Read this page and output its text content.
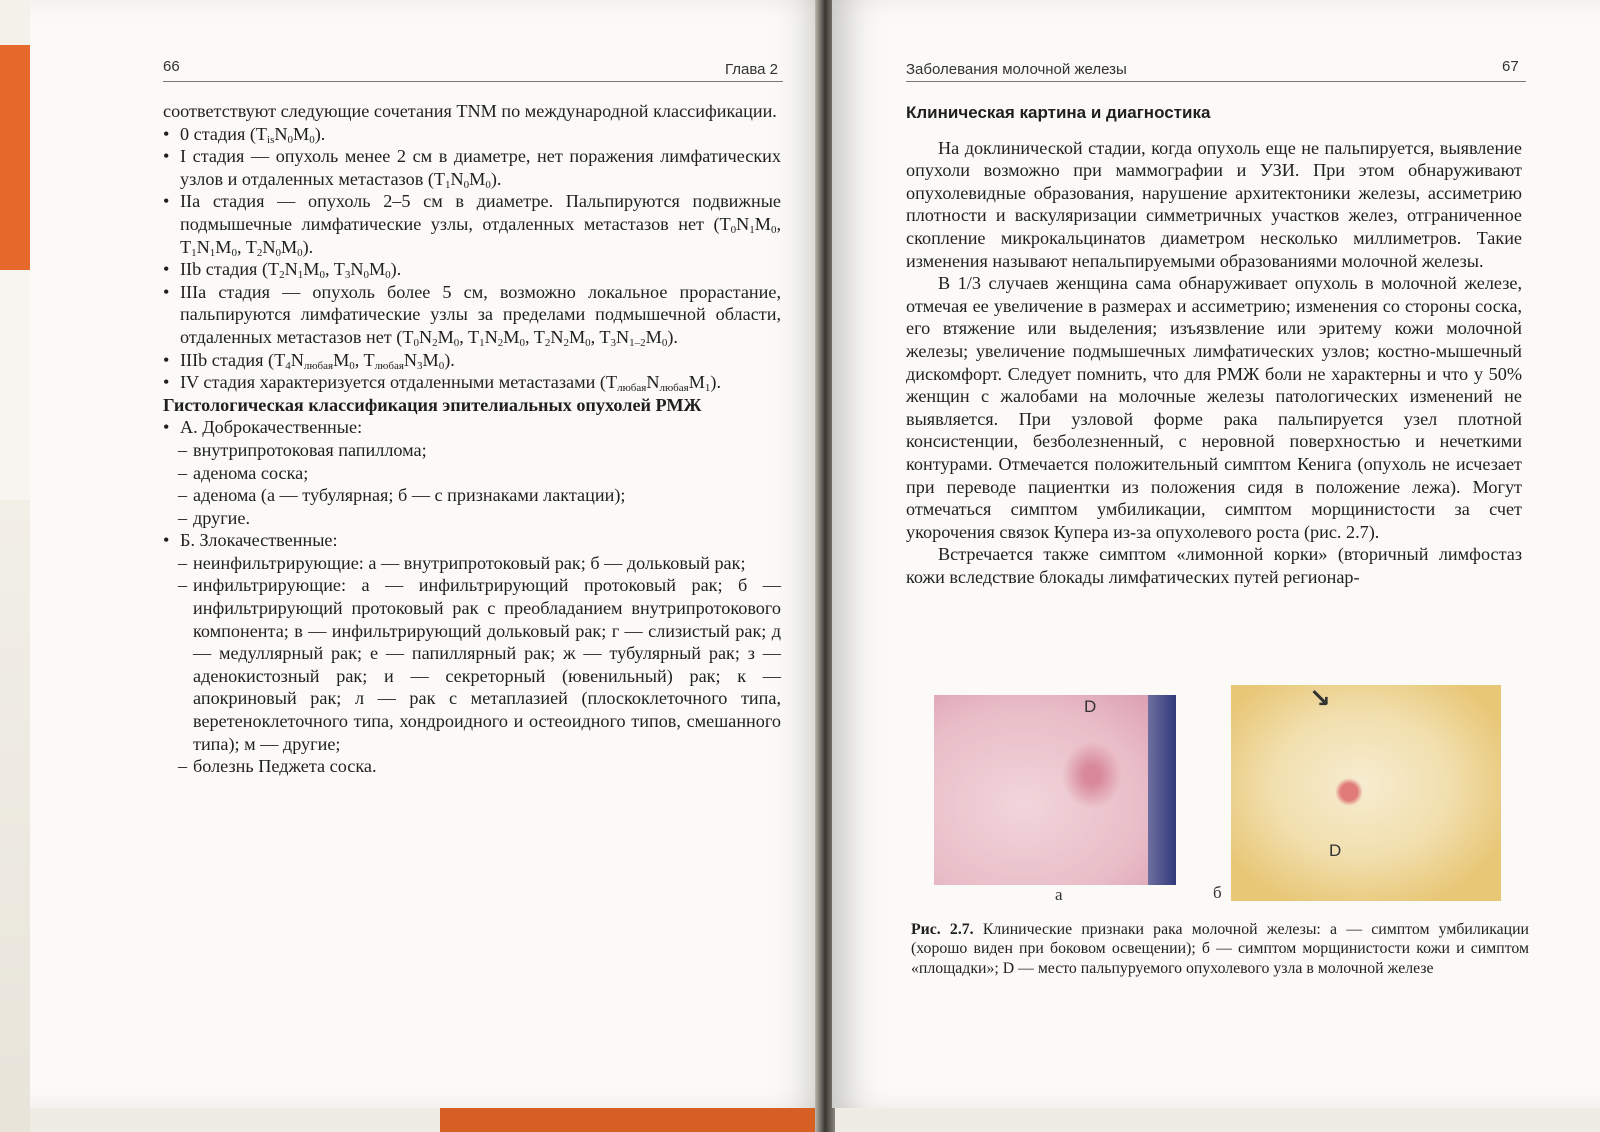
66	Глава 2

соответствуют следующие сочетания TNM по международной классификации.

• 0 стадия $(T_{is}N_0M_0)$.
• I стадия — опухоль менее 2 см в диаметре, нет поражения лимфатических узлов и отдаленных метастазов $(T_1N_0M_0)$.
• IIa стадия — опухоль 2–5 см в диаметре. Пальпируются подвижные подмышечные лимфатические узлы, отдаленных метастазов нет ($T_0N_1M_0$, $T_1N_1M_0$, $T_2N_0M_0$).
• IIb стадия ($T_2N_1M_0$, $T_3N_0M_0$).
• IIIa стадия — опухоль более 5 см, возможно локальное прорастание, пальпируются лимфатические узлы за пределами подмышечной области, отдаленных метастазов нет ($T_0N_2M_0$, $T_1N_2M_0$, $T_2N_2M_0$, $T_3N_{1-2}M_0$).
• IIIb стадия ($T_4N_{любая}M_0$, $T_{любая}N_3M_0$).
• IV стадия характеризуется отдаленными метастазами $(T_{любая}N_{любая}M_1)$.

Гистологическая классификация эпителиальных опухолей РМЖ

• А. Доброкачественные:
– внутрипротоковая папиллома;
– аденома соска;
– аденома (а — тубулярная; б — с признаками лактации);
– другие.
• Б. Злокачественные:
– неинфильтрирующие: а — внутрипротоковый рак; б — дольковый рак;
– инфильтрирующие: а — инфильтрирующий протоковый рак; б — инфильтрирующий протоковый рак с преобладанием внутрипротокового компонента; в — инфильтрирующий дольковый рак; г — слизистый рак; д — медуллярный рак; е — папиллярный рак; ж — тубулярный рак; з — аденокистозный рак; и — секреторный (ювенильный) рак; к — апокриновый рак; л — рак с метаплазией (плоскоклеточного типа, веретеноклеточного типа, хондроидного и остеоидного типов, смешанного типа); м — другие;
– болезнь Педжета соска.
Заболевания молочной железы	67

Клиническая картина и диагностика

На доклинической стадии, когда опухоль еще не пальпируется, выявление опухоли возможно при маммографии и УЗИ. При этом обнаруживают опухолевидные образования, нарушение архитектоники железы, ассиметрию плотности и васкуляризации симметричных участков желез, отграниченное скопление микрокальцинатов диаметром несколько миллиметров. Такие изменения называют непальпируемыми образованиями молочной железы.

В 1/3 случаев женщина сама обнаруживает опухоль в молочной железе, отмечая ее увеличение в размерах и ассиметрию; изменения со стороны соска, его втяжение или выделения; изъязвление или эритему кожи молочной железы; увеличение подмышечных лимфатических узлов; костно-мышечный дискомфорт. Следует помнить, что для РМЖ боли не характерны и что у 50% женщин с жалобами на молочные железы патологических изменений не выявляется. При узловой форме рака пальпируется узел плотной консистенции, безболезненный, с неровной поверхностью и нечеткими контурами. Отмечается положительный симптом Кенига (опухоль не исчезает при переводе пациентки из положения сидя в положение лежа). Могут отмечаться симптом умбиликации, симптом морщинистости за счет укорочения связок Купера из-за опухолевого роста (рис. 2.7).

Встречается также симптом «лимонной корки» (вторичный лимфостаз кожи вследствие блокады лимфатических путей регионар-

D
а
↘
D
б
Рис. 2.7. Клинические признаки рака молочной железы: а — симптом умбиликации (хорошо виден при боковом освещении); б — симптом морщинистости кожи и симптом «площадки»; D — место пальпуруемого опухолевого узла в молочной железе
